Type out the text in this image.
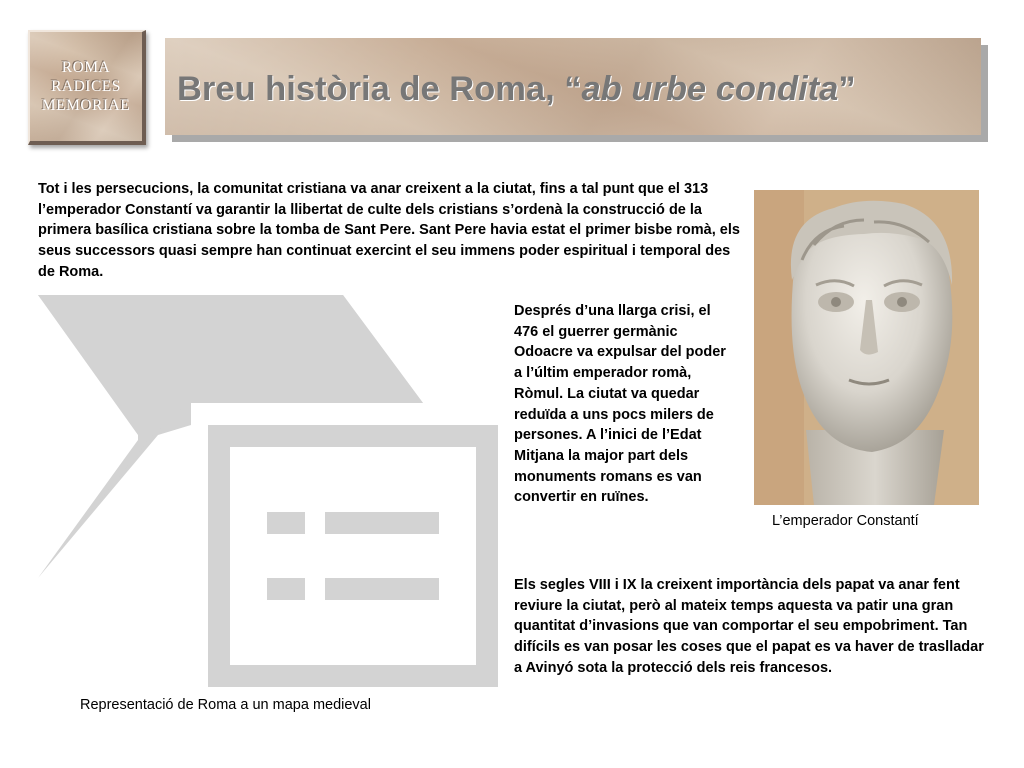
ROMA
RADICES
MEMORIAE Breu història de Roma, “ab urbe condita”

Tot i les persecucions, la comunitat cristiana va anar creixent a la ciutat, fins a tal punt que el 313 l’emperador Constantí va garantir la llibertat de culte dels cristians s’ordenà la construcció de la primera basílica cristiana sobre la tomba de Sant Pere. Sant Pere havia estat el primer bisbe romà, els seus successors quasi sempre han continuat exercint el seu immens poder espiritual i temporal des de Roma.

Després d’una llarga crisi, el 476 el guerrer germànic Odoacre va expulsar del poder a l’últim emperador romà, Ròmul. La ciutat va quedar reduïda a uns pocs milers de persones. A l’inici de l’Edat Mitjana la major part dels monuments romans es van convertir en ruïnes.

L’emperador Constantí

Els segles VIII i IX la creixent importància dels papat va anar fent reviure la ciutat, però al mateix temps aquesta va patir una gran quantitat d’invasions que van comportar el seu empobriment. Tan difícils es van posar les coses que el papat es va haver de traslladar a Avinyó sota la protecció dels reis francesos.

Representació de Roma a un mapa medieval
